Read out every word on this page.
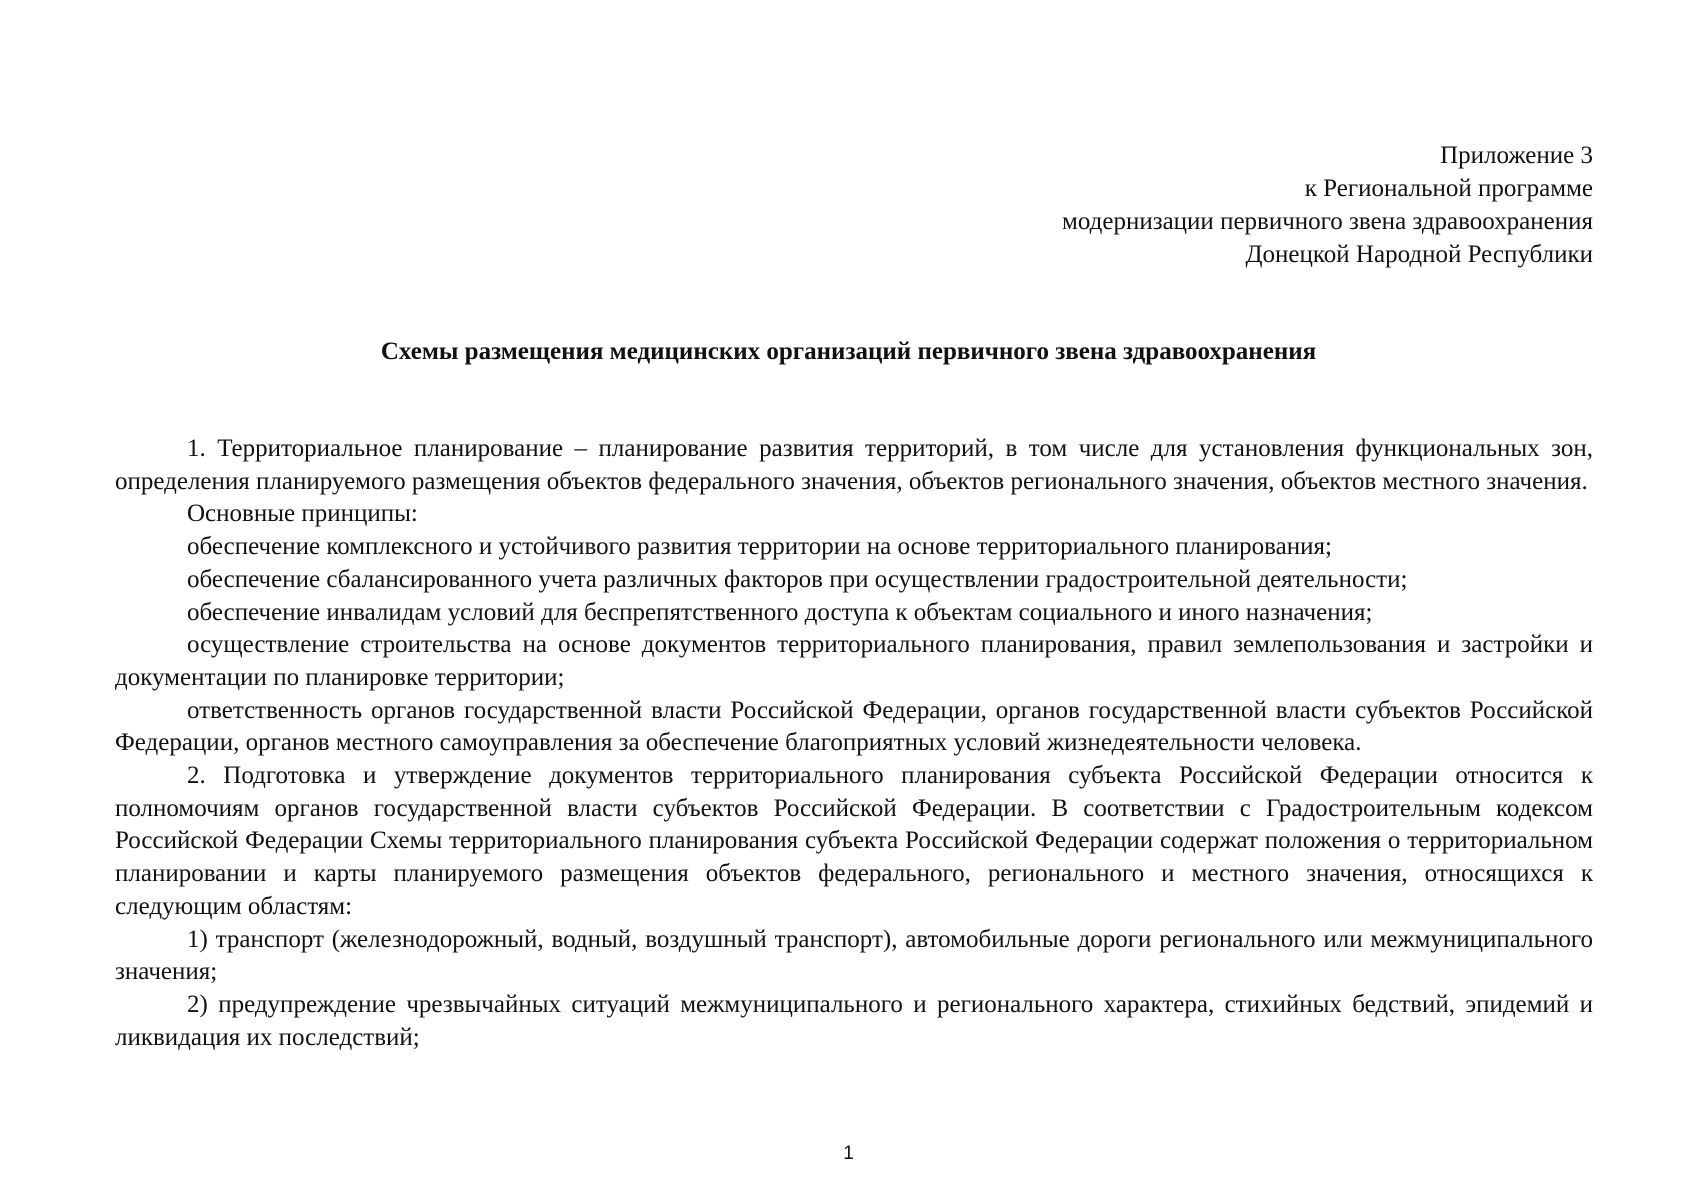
Приложение 3
к Региональной программе
модернизации первичного звена здравоохранения
Донецкой Народной Республики
Схемы размещения медицинских организаций первичного звена здравоохранения

1. Территориальное планирование – планирование развития территорий, в том числе для установления функциональных зон, определения планируемого размещения объектов федерального значения, объектов регионального значения, объектов местного значения.

Основные принципы:

обеспечение комплексного и устойчивого развития территории на основе территориального планирования;

обеспечение сбалансированного учета различных факторов при осуществлении градостроительной деятельности;

обеспечение инвалидам условий для беспрепятственного доступа к объектам социального и иного назначения;

осуществление строительства на основе документов территориального планирования, правил землепользования и застройки и документации по планировке территории;

ответственность органов государственной власти Российской Федерации, органов государственной власти субъектов Российской Федерации, органов местного самоуправления за обеспечение благоприятных условий жизнедеятельности человека.

2. Подготовка и утверждение документов территориального планирования субъекта Российской Федерации относится к полномочиям органов государственной власти субъектов Российской Федерации. В соответствии с Градостроительным кодексом Российской Федерации Схемы территориального планирования субъекта Российской Федерации содержат положения о территориальном планировании и карты планируемого размещения объектов федерального, регионального и местного значения, относящихся к следующим областям:

1) транспорт (железнодорожный, водный, воздушный транспорт), автомобильные дороги регионального или межмуниципального значения;

2) предупреждение чрезвычайных ситуаций межмуниципального и регионального характера, стихийных бедствий, эпидемий и ликвидация их последствий;

1
